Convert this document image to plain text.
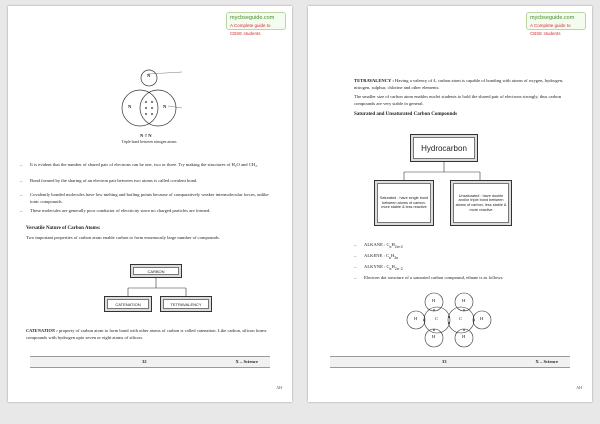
mycbseguide.com
A Complete guide to CBSE students
N
N	N
N ≡ N
Triple bond between nitrogen atoms
– It is evident that the number of shared pair of electrons can be one, two or three. Try making the structures of H₂O and CH₄.
– Bond formed by the sharing of an electron pair between two atoms is called covalent bond.
– Covalently bonded molecules have low melting and boiling points because of comparatively weaker intermolecular forces, unlike ionic compounds.
– These molecules are generally poor conductor of electricity since no charged particles are formed.
Versatile Nature of Carbon Atoms:
Two important properties of carbon atom enable carbon to form enormously large number of compounds.
CARBON
CATENATION	TETRAVALENCY
CATENATION : property of carbon atom to form bond with other atoms of carbon is called catenation. Like carbon, silicon forms compounds with hydrogen upto seven or eight atoms of silicon.
32	X – Science
AH
mycbseguide.com
A Complete guide to CBSE students
TETRAVALENCY : Having a valency of 4, carbon atom is capable of bonding with atoms of oxygen, hydrogen, nitrogen, sulphur, chlorine and other elements.
The smaller size of carbon atom enables nuclei students to hold the shared pair of electrons strongly, thus carbon compounds are very stable in general.
Saturated and Unsaturated Carbon Compounds
Hydrocarbon
Saturated : have single bond between atoms of carbon, more stable & less reactive
Unsaturated : have double and/or triple bond between atoms of carbon, less stable & more reactive
– ALKANE : $C_nH_{2n+2}$
– ALKENE : $C_nH_{2n}$
– ALKYNE : $C_nH_{2n-2}$
– Electron dot structure of a saturated carbon compound, ethane is as follows:
H	H
H	C	C	H
H	H
33	X – Science
AH
